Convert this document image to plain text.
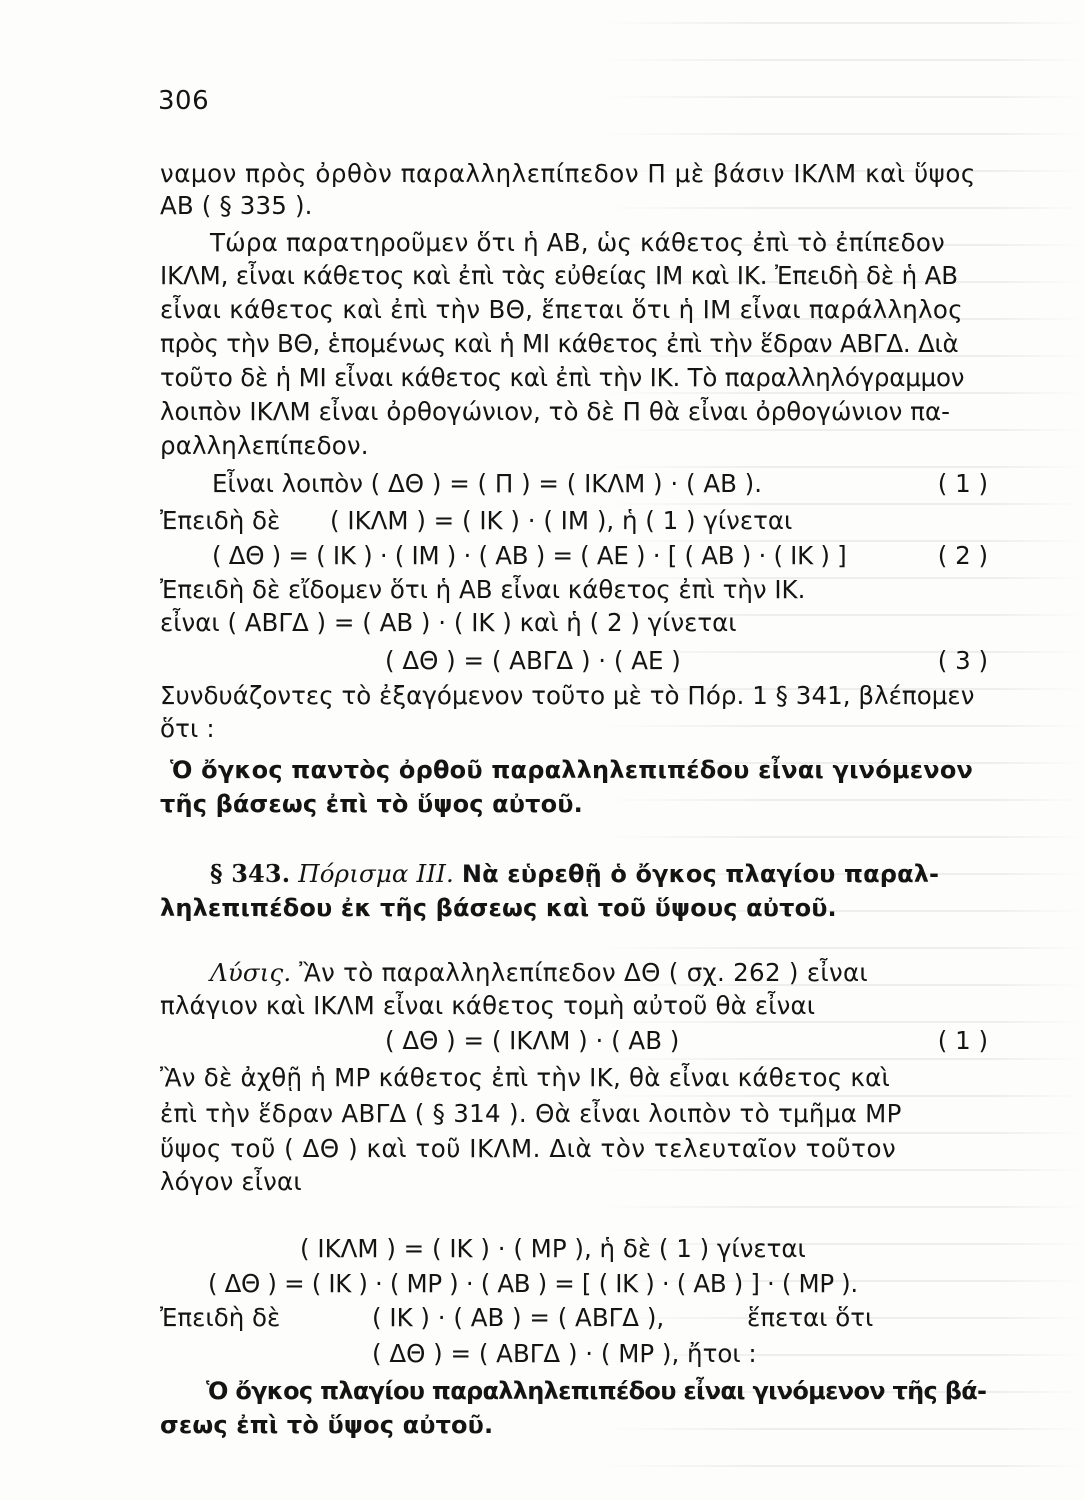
306
ναμον πρὸς ὀρθὸν παραλληλεπίπεδον Π μὲ βάσιν ΙΚΛΜ καὶ ὕψος
ΑΒ ( § 335 ).
Τώρα παρατηροῦμεν ὅτι ἡ ΑΒ, ὡς κάθετος ἐπὶ τὸ ἐπίπεδον
ΙΚΛΜ, εἶναι κάθετος καὶ ἐπὶ τὰς εὐθείας ΙΜ καὶ ΙΚ. Ἐπειδὴ δὲ ἡ ΑΒ
εἶναι κάθετος καὶ ἐπὶ τὴν ΒΘ, ἕπεται ὅτι ἡ ΙΜ εἶναι παράλληλος
πρὸς τὴν ΒΘ, ἑπομένως καὶ ἡ ΜΙ κάθετος ἐπὶ τὴν ἕδραν ΑΒΓΔ. Διὰ
τοῦτο δὲ ἡ ΜΙ εἶναι κάθετος καὶ ἐπὶ τὴν ΙΚ. Τὸ παραλληλόγραμμον
λοιπὸν ΙΚΛΜ εἶναι ὀρθογώνιον, τὸ δὲ Π θὰ εἶναι ὀρθογώνιον πα-
ραλληλεπίπεδον.
Εἶναι λοιπὸν ( ΔΘ ) = ( Π ) = ( ΙΚΛΜ ) · ( ΑΒ ).	( 1 )
Ἐπειδὴ δὲ ( ΙΚΛΜ ) = ( ΙΚ ) · ( ΙΜ ), ἡ ( 1 ) γίνεται
( ΔΘ ) = ( ΙΚ ) · ( ΙΜ ) · ( ΑΒ ) = ( ΑΕ ) · [ ( ΑΒ ) · ( ΙΚ ) ]	( 2 )
Ἐπειδὴ δὲ εἴδομεν ὅτι ἡ ΑΒ εἶναι κάθετος ἐπὶ τὴν ΙΚ.
εἶναι ( ΑΒΓΔ ) = ( ΑΒ ) · ( ΙΚ ) καὶ ἡ ( 2 ) γίνεται
( ΔΘ ) = ( ΑΒΓΔ ) · ( ΑΕ )	( 3 )
Συνδυάζοντες τὸ ἐξαγόμενον τοῦτο μὲ τὸ Πόρ. 1 § 341, βλέπομεν
ὅτι :
Ὁ ὄγκος παντὸς ὀρθοῦ παραλληλεπιπέδου εἶναι γινόμενον
τῆς βάσεως ἐπὶ τὸ ὕψος αὐτοῦ.
§ 343. Πόρισμα ΙΙΙ. Νὰ εὑρεθῇ ὁ ὄγκος πλαγίου παραλ-
ληλεπιπέδου ἐκ τῆς βάσεως καὶ τοῦ ὕψους αὐτοῦ.
Λύσις. Ἂν τὸ παραλληλεπίπεδον ΔΘ ( σχ. 262 ) εἶναι
πλάγιον καὶ ΙΚΛΜ εἶναι κάθετος τομὴ αὐτοῦ θὰ εἶναι
( ΔΘ ) = ( ΙΚΛΜ ) · ( ΑΒ )	( 1 )
Ἂν δὲ ἀχθῇ ἡ ΜΡ κάθετος ἐπὶ τὴν ΙΚ, θὰ εἶναι κάθετος καὶ
ἐπὶ τὴν ἕδραν ΑΒΓΔ ( § 314 ). Θὰ εἶναι λοιπὸν τὸ τμῆμα ΜΡ
ὕψος τοῦ ( ΔΘ ) καὶ τοῦ ΙΚΛΜ. Διὰ τὸν τελευταῖον τοῦτον
λόγον εἶναι
( ΙΚΛΜ ) = ( ΙΚ ) · ( ΜΡ ), ἡ δὲ ( 1 ) γίνεται
( ΔΘ ) = ( ΙΚ ) · ( ΜΡ ) · ( ΑΒ ) = [ ( ΙΚ ) · ( ΑΒ ) ] · ( ΜΡ ).
Ἐπειδὴ δὲ	( ΙΚ ) · ( ΑΒ ) = ( ΑΒΓΔ ),	ἕπεται ὅτι
( ΔΘ ) = ( ΑΒΓΔ ) · ( ΜΡ ), ἤτοι :
Ὁ ὄγκος πλαγίου παραλληλεπιπέδου εἶναι γινόμενον τῆς βά-
σεως ἐπὶ τὸ ὕψος αὐτοῦ.
